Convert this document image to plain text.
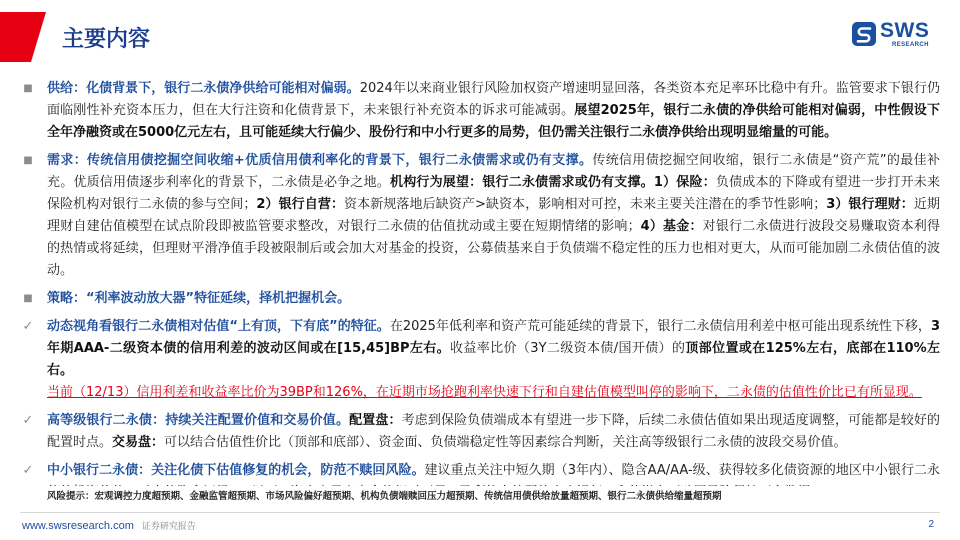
主要内容	SWS
RESEARCH
■ 供给：化债背景下，银行二永债净供给可能相对偏弱。2024年以来商业银行风险加权资产增速明显回落，各类资本充足率环比稳中有升。监管要求下银行仍面临刚性补充资本压力，但在大行注资和化债背景下，未来银行补充资本的诉求可能减弱。展望2025年，银行二永债的净供给可能相对偏弱，中性假设下全年净融资或在5000亿元左右，且可能延续大行偏少、股份行和中小行更多的局势，但仍需关注银行二永债净供给出现明显缩量的可能。
■ 需求：传统信用债挖掘空间收缩+优质信用债利率化的背景下，银行二永债需求或仍有支撑。传统信用债挖掘空间收缩，银行二永债是“资产荒”的最佳补充。优质信用债逐步利率化的背景下，二永债是必争之地。机构行为展望：银行二永债需求或仍有支撑。1）保险：负债成本的下降或有望进一步打开未来保险机构对银行二永债的参与空间；2）银行自营：资本新规落地后缺资产>缺资本，影响相对可控，未来主要关注潜在的季节性影响；3）银行理财：近期理财自建估值模型在试点阶段即被监管要求整改，对银行二永债的估值扰动或主要在短期情绪的影响；4）基金：对银行二永债进行波段交易赚取资本利得的热情或将延续，但理财平滑净值手段被限制后或会加大对基金的投资，公募债基来自于负债端不稳定性的压力也相对更大，从而可能加剧二永债估值的波动。
■ 策略：“利率波动放大器”特征延续，择机把握机会。
✓ 动态视角看银行二永债相对估值“上有顶，下有底”的特征。在2025年低利率和资产荒可能延续的背景下，银行二永债信用利差中枢可能出现系统性下移，3年期AAA-二级资本债的信用利差的波动区间或在[15,45]BP左右。收益率比价（3Y二级资本债/国开债）的顶部位置或在125%左右，底部在110%左右。
当前（12/13）信用利差和收益率比价为39BP和126%，在近期市场抢跑利率快速下行和自建估值模型叫停的影响下，二永债的估值性价比已有所显现。
✓ 高等级银行二永债：持续关注配置价值和交易价值。配置盘：考虑到保险负债端成本有望进一步下降，后续二永债估值如果出现适度调整，可能都是较好的配置时点。交易盘：可以结合估值性价比（顶部和底部）、资金面、负债端稳定性等因素综合判断，关注高等级银行二永债的波段交易价值。
✓ 中小银行二永债：关注化债下估值修复的机会，防范不赎回风险。建议重点关注中短久期（3年内）、隐含AA/AA-级、获得较多化债资源的地区中小银行二永
风险提示：宏观调控力度超预期、金融监管超预期、市场风险偏好超预期、机构负债端赎回压力超预期、传统信用债供给放量超预期、银行二永债供给缩量超预期
www.swsresearch.com 证券研究报告	2
